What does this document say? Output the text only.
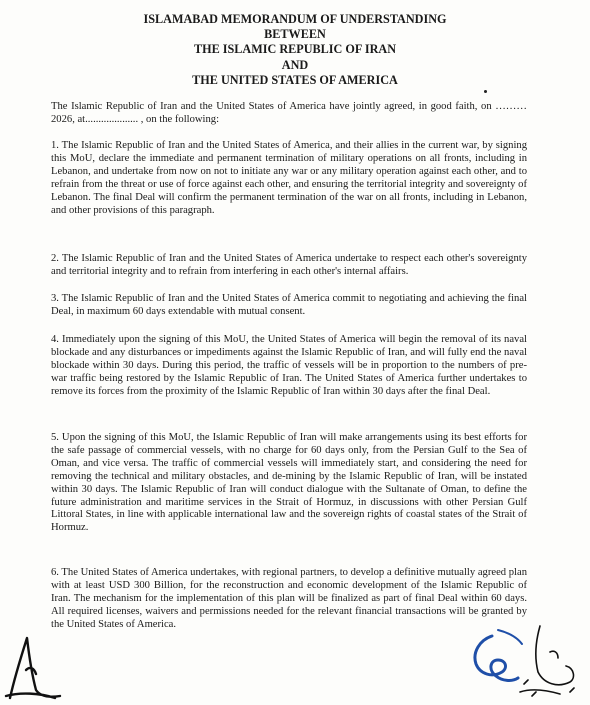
ISLAMABAD MEMORANDUM OF UNDERSTANDING
BETWEEN
THE ISLAMIC REPUBLIC OF IRAN
AND
THE UNITED STATES OF AMERICA
The Islamic Republic of Iran and the United States of America have jointly agreed, in good faith, on ……… 2026, at.................... , on the following:
1. The Islamic Republic of Iran and the United States of America, and their allies in the current war, by signing this MoU, declare the immediate and permanent termination of military operations on all fronts, including in Lebanon, and undertake from now on not to initiate any war or any military operation against each other, and to refrain from the threat or use of force against each other, and ensuring the territorial integrity and sovereignty of Lebanon. The final Deal will confirm the permanent termination of the war on all fronts, including in Lebanon, and other provisions of this paragraph.
2. The Islamic Republic of Iran and the United States of America undertake to respect each other's sovereignty and territorial integrity and to refrain from interfering in each other's internal affairs.
3. The Islamic Republic of Iran and the United States of America commit to negotiating and achieving the final Deal, in maximum 60 days extendable with mutual consent.
4. Immediately upon the signing of this MoU, the United States of America will begin the removal of its naval blockade and any disturbances or impediments against the Islamic Republic of Iran, and will fully end the naval blockade within 30 days. During this period, the traffic of vessels will be in proportion to the numbers of pre-war traffic being restored by the Islamic Republic of Iran. The United States of America further undertakes to remove its forces from the proximity of the Islamic Republic of Iran within 30 days after the final Deal.
5. Upon the signing of this MoU, the Islamic Republic of Iran will make arrangements using its best efforts for the safe passage of commercial vessels, with no charge for 60 days only, from the Persian Gulf to the Sea of Oman, and vice versa. The traffic of commercial vessels will immediately start, and considering the need for removing the technical and military obstacles, and de-mining by the Islamic Republic of Iran, will be instated within 30 days. The Islamic Republic of Iran will conduct dialogue with the Sultanate of Oman, to define the future administration and maritime services in the Strait of Hormuz, in discussions with other Persian Gulf Littoral States, in line with applicable international law and the sovereign rights of coastal states of the Strait of Hormuz.
6. The United States of America undertakes, with regional partners, to develop a definitive mutually agreed plan with at least USD 300 Billion, for the reconstruction and economic development of the Islamic Republic of Iran. The mechanism for the implementation of this plan will be finalized as part of final Deal within 60 days. All required licenses, waivers and permissions needed for the relevant financial transactions will be granted by the United States of America.
